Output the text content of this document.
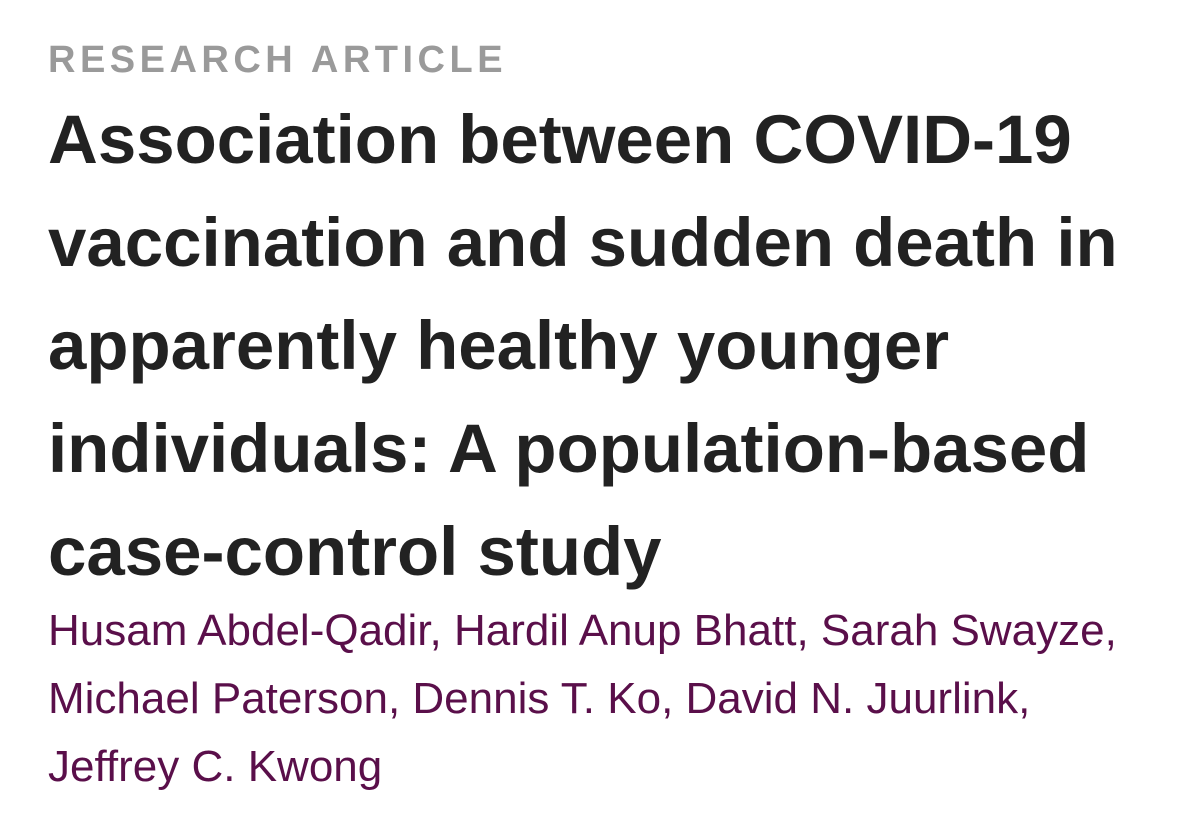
RESEARCH ARTICLE
Association between COVID-19 vaccination and sudden death in apparently healthy younger individuals: A population-based case-control study
Husam Abdel-Qadir, Hardil Anup Bhatt, Sarah Swayze, Michael Paterson, Dennis T. Ko, David N. Juurlink, Jeffrey C. Kwong
